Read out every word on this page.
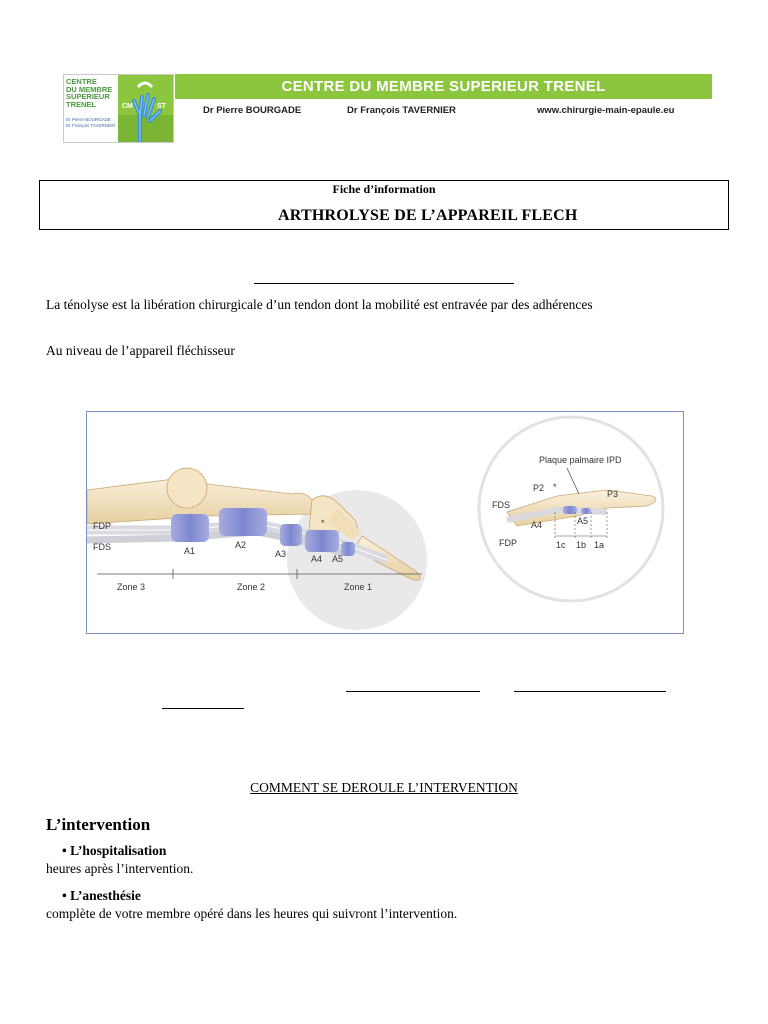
CENTRE
DU MEMBRE
SUPERIEUR
TRENEL
Dr Pierre BOURGADE
Dr François TAVERNIER
CM	ST
CENTRE DU MEMBRE SUPERIEUR TRENEL
Dr Pierre BOURGADE	Dr François TAVERNIER	www.chirurgie-main-epaule.eu
Fiche d’information
ARTHROLYSE DE L’APPAREIL FLECH
La ténolyse est la libération chirurgicale d’un tendon dont la mobilité est entravée par des adhérences
Au niveau de l’appareil fléchisseur
FDP
FDS	A1
A2
A3	A4 A5
*
Zone 3	Zone 2	Zone 1
Plaque palmaire IPD
P2
P3
*
FDS
FDP
A4	A5
1c 1b 1a
COMMENT SE DEROULE L’INTERVENTION
L’intervention
• L’hospitalisation
heures après l’intervention.
• L’anesthésie
complète de votre membre opéré dans les heures qui suivront l’intervention.
